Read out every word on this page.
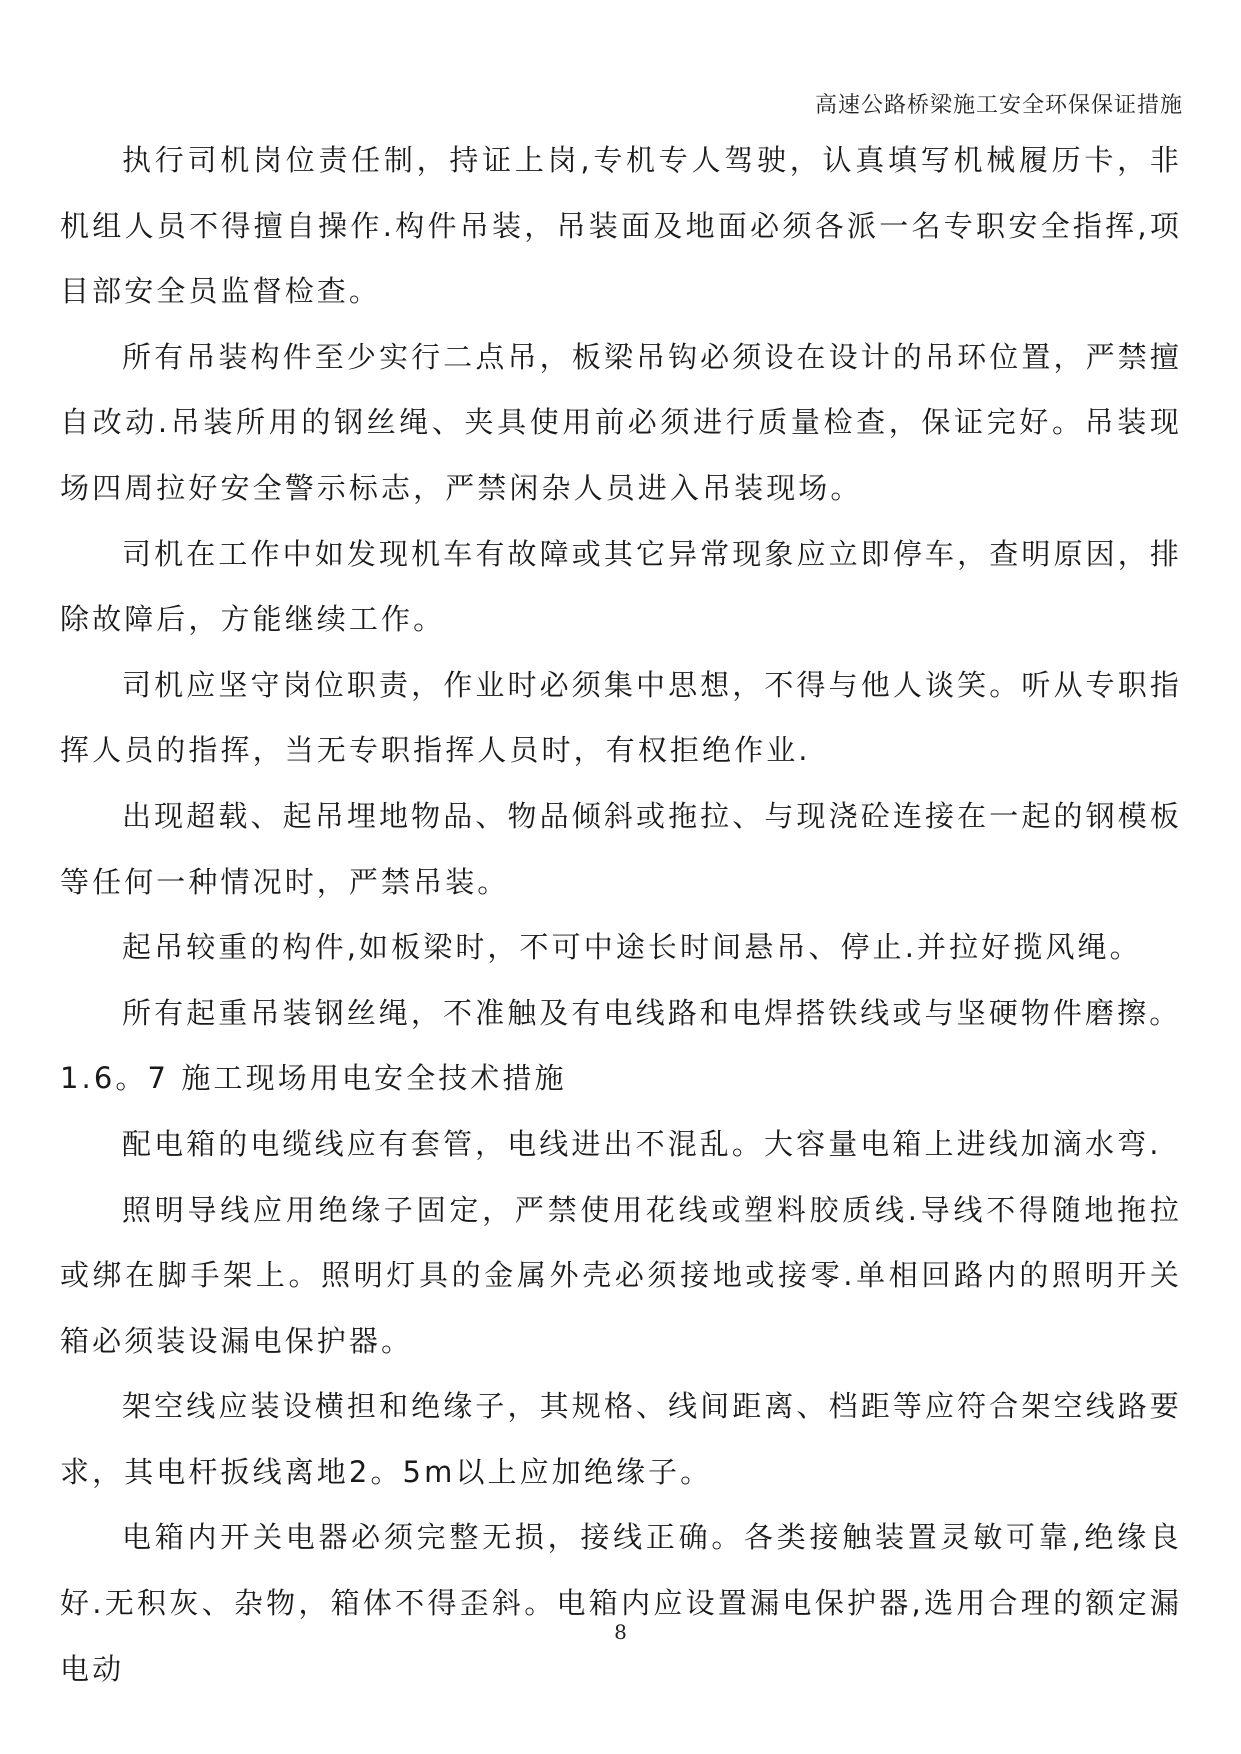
高速公路桥梁施工安全环保保证措施

执行司机岗位责任制，持证上岗,专机专人驾驶，认真填写机械履历卡，非机组人员不得擅自操作.构件吊装，吊装面及地面必须各派一名专职安全指挥,项目部安全员监督检查。

所有吊装构件至少实行二点吊，板梁吊钩必须设在设计的吊环位置，严禁擅自改动.吊装所用的钢丝绳、夹具使用前必须进行质量检查，保证完好。吊装现场四周拉好安全警示标志，严禁闲杂人员进入吊装现场。

司机在工作中如发现机车有故障或其它异常现象应立即停车，查明原因，排除故障后，方能继续工作。

司机应坚守岗位职责，作业时必须集中思想，不得与他人谈笑。听从专职指挥人员的指挥，当无专职指挥人员时，有权拒绝作业.

出现超载、起吊埋地物品、物品倾斜或拖拉、与现浇砼连接在一起的钢模板等任何一种情况时，严禁吊装。

起吊较重的构件,如板梁时，不可中途长时间悬吊、停止.并拉好揽风绳。

所有起重吊装钢丝绳，不准触及有电线路和电焊搭铁线或与坚硬物件磨擦。

1.6。7 施工现场用电安全技术措施

配电箱的电缆线应有套管，电线进出不混乱。大容量电箱上进线加滴水弯.

照明导线应用绝缘子固定，严禁使用花线或塑料胶质线.导线不得随地拖拉或绑在脚手架上。照明灯具的金属外壳必须接地或接零.单相回路内的照明开关箱必须装设漏电保护器。

架空线应装设横担和绝缘子，其规格、线间距离、档距等应符合架空线路要求，其电杆扳线离地2。5m以上应加绝缘子。

电箱内开关电器必须完整无损，接线正确。各类接触装置灵敏可靠,绝缘良好.无积灰、杂物，箱体不得歪斜。电箱内应设置漏电保护器,选用合理的额定漏电动

8
